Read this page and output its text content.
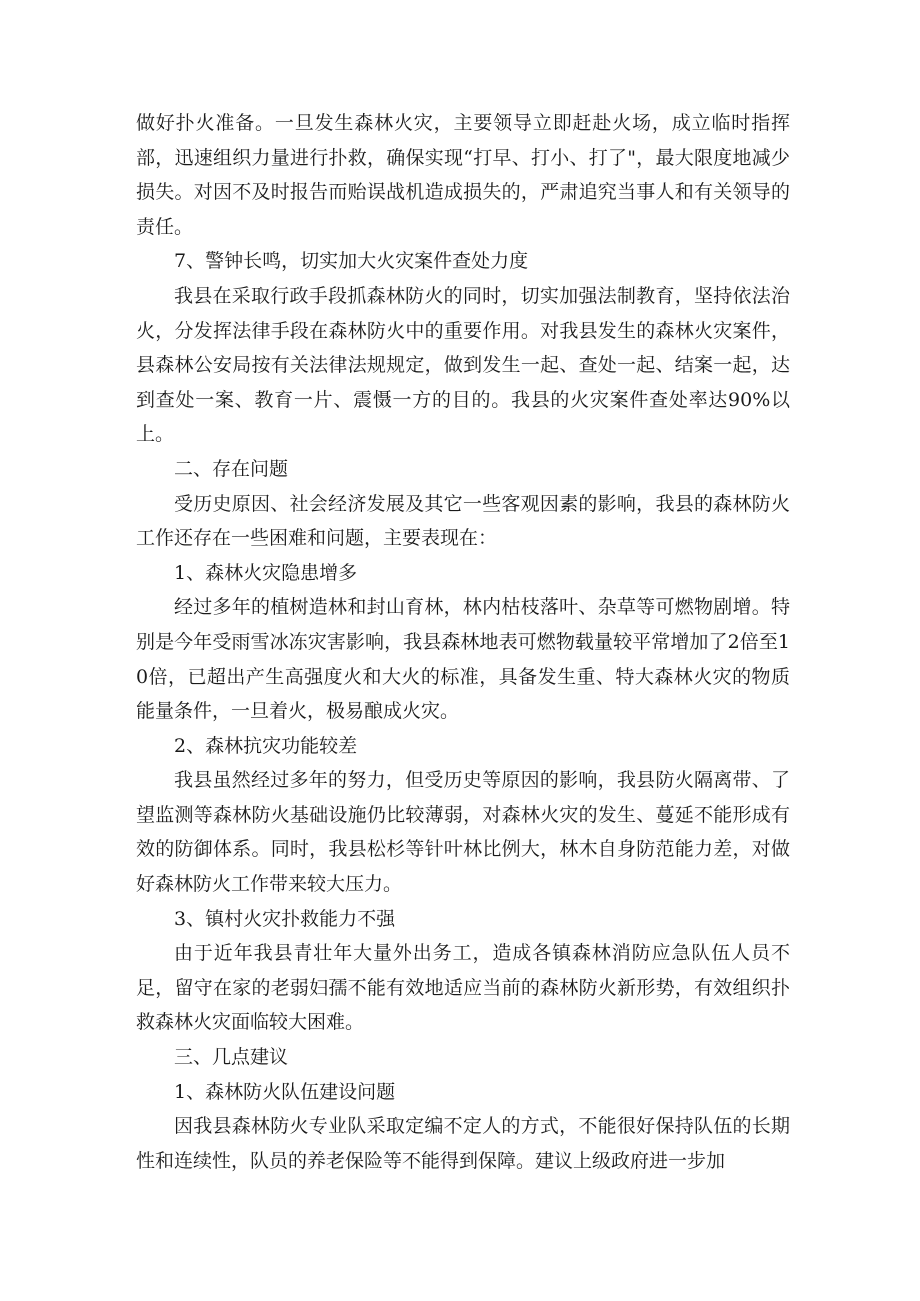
做好扑火准备。一旦发生森林火灾，主要领导立即赶赴火场，成立临时指挥部，迅速组织力量进行扑救，确保实现“打早、打小、打了"，最大限度地减少损失。对因不及时报告而贻误战机造成损失的，严肃追究当事人和有关领导的责任。

7、警钟长鸣，切实加大火灾案件查处力度

我县在采取行政手段抓森林防火的同时，切实加强法制教育，坚持依法治火，分发挥法律手段在森林防火中的重要作用。对我县发生的森林火灾案件，县森林公安局按有关法律法规规定，做到发生一起、查处一起、结案一起，达到查处一案、教育一片、震慑一方的目的。我县的火灾案件查处率达90%以上。

二、存在问题

受历史原因、社会经济发展及其它一些客观因素的影响，我县的森林防火工作还存在一些困难和问题，主要表现在：

1、森林火灾隐患增多

经过多年的植树造林和封山育林，林内枯枝落叶、杂草等可燃物剧增。特别是今年受雨雪冰冻灾害影响，我县森林地表可燃物载量较平常增加了2倍至10倍，已超出产生高强度火和大火的标准，具备发生重、特大森林火灾的物质能量条件，一旦着火，极易酿成火灾。

2、森林抗灾功能较差

我县虽然经过多年的努力，但受历史等原因的影响，我县防火隔离带、了望监测等森林防火基础设施仍比较薄弱，对森林火灾的发生、蔓延不能形成有效的防御体系。同时，我县松杉等针叶林比例大，林木自身防范能力差，对做好森林防火工作带来较大压力。

3、镇村火灾扑救能力不强

由于近年我县青壮年大量外出务工，造成各镇森林消防应急队伍人员不足，留守在家的老弱妇孺不能有效地适应当前的森林防火新形势，有效组织扑救森林火灾面临较大困难。

三、几点建议

1、森林防火队伍建设问题

因我县森林防火专业队采取定编不定人的方式，不能很好保持队伍的长期性和连续性，队员的养老保险等不能得到保障。建议上级政府进一步加
